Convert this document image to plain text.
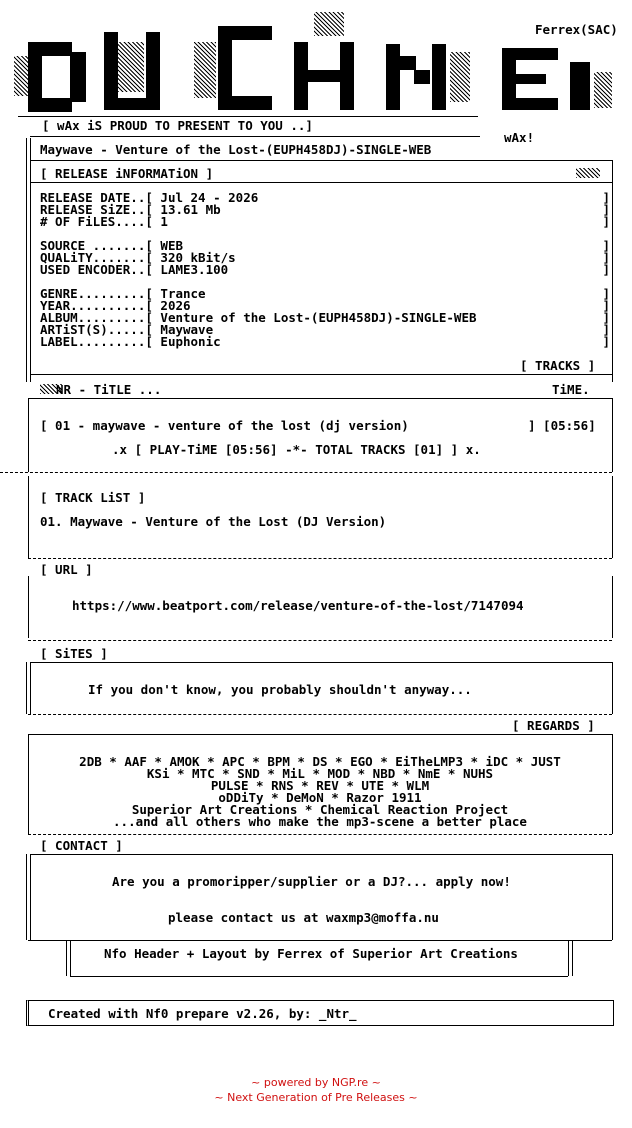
Ferrex(SAC)
[ wAx iS PROUD TO PRESENT TO YOU ..]
wAx!
Maywave - Venture of the Lost-(EUPH458DJ)-SINGLE-WEB
[ RELEASE iNFORMATiON ]
RELEASE DATE..[ Jul 24 - 2026	]
RELEASE SiZE..[ 13.61 Mb	]
# OF FiLES....[ 1	]
SOURCE .......[ WEB	]
QUALiTY.......[ 320 kBit/s	]
USED ENCODER..[ LAME3.100	]
GENRE.........[ Trance	]
YEAR..........[ 2026	]
ALBUM.........[ Venture of the Lost-(EUPH458DJ)-SINGLE-WEB	]
ARTiST(S).....[ Maywave	]
LABEL.........[ Euphonic	]
[ TRACKS ]
NR - TiTLE ...	TiME.
[ 01 - maywave - venture of the lost (dj version)	] [05:56]
.x [ PLAY-TiME [05:56] -*- TOTAL TRACKS [01] ] x.
[ TRACK LiST ]
01. Maywave - Venture of the Lost (DJ Version)
[ URL ]
https://www.beatport.com/release/venture-of-the-lost/7147094
[ SiTES ]
If you don't know, you probably shouldn't anyway...
[ REGARDS ]
2DB * AAF * AMOK * APC * BPM * DS * EGO * EiTheLMP3 * iDC * JUST
KSi * MTC * SND * MiL * MOD * NBD * NmE * NUHS
PULSE * RNS * REV * UTE * WLM
oDDiTy * DeMoN * Razor 1911
Superior Art Creations * Chemical Reaction Project
...and all others who make the mp3-scene a better place
[ CONTACT ]
Are you a promoripper/supplier or a DJ?... apply now!
please contact us at waxmp3@moffa.nu
Nfo Header + Layout by Ferrex of Superior Art Creations
Created with Nf0 prepare v2.26, by: _Ntr_
~ powered by NGP.re ~
~ Next Generation of Pre Releases ~
